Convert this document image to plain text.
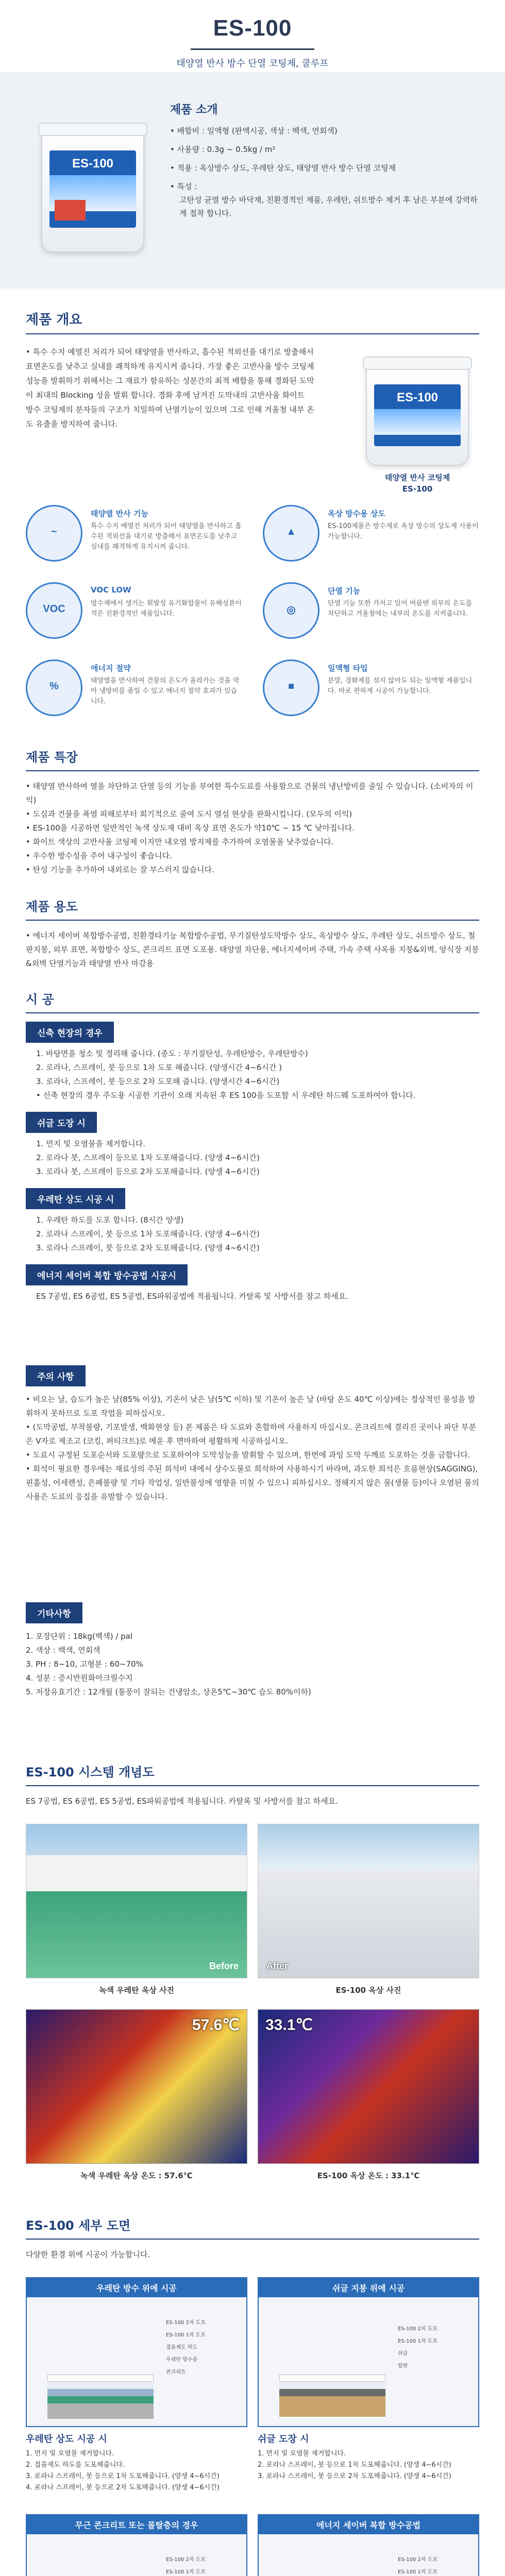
ES-100
태양열 반사 방수 단열 코팅제, 쿨루프
ES-100
제품 소개
• 배합비 : 일액형 (완액시공, 색상 : 백색, 연회색)
• 사용량 : 0.3g ~ 0.5kg / m²
• 적용 : 옥상방수 상도, 우레탄 상도, 태양열 반사 방수 단열 코팅제
• 특성 :
고탄성 균열 방수 바닥재, 친환경적인 제품, 우레탄, 쉬트방수 제거 후 남은 부분에 강력하게 접착 합니다.
제품 개요
• 특수 수지 예열진 처리가 되어 태양열을 반사하고, 흡수된 적외선을 대기로 방출해서 표면온도를 낮추고 실내를 쾌적하게 유지시켜 줍니다. 가장 좋은 고반사율 방수 코팅제 성능을 발휘하기 위해서는 그 재료가 함유하는 성분간의 최적 배합을 통해 경화된 도막이 최대의 Blocking 성을 발휘 합니다. 경화 후에 남겨진 도막내의 고반사율 화이트 방수 코팅제의 분자들의 구조가 치밀하여 난열기능이 있으며 그로 인해 겨울철 내부 온도 유출을 방지하여 줍니다.
ES-100
태양열 반사 코팅제
ES-100
~
태양열 반사 기능
특수 수지 예열진 처리가 되어 태양열을 반사하고 흡수된 적외선을 대기로 방출해서 표면온도를 낮추고 실내를 쾌적하게 유지시켜 줍니다.
▲
옥상 방수용 상도
ES-100제품은 방수제로 옥상 방수의 상도제 사용이 가능합니다.
VOC
VOC LOW
방수제에서 생기는 휘발성 유기화합물이 유해성분이 적은 친환경적인 제품입니다.	◎
단열 기능
단열 기능 또한 가지고 있어 여름엔 외부의 온도를 차단하고 겨울철에는 내부의 온도를 지켜줍니다.
%
에너지 절약
태양열을 반사하여 건물의 온도가 올라가는 것을 막아 냉방비를 줄일 수 있고 에너지 절약 효과가 있습니다.
■
일액형 타입
분말, 경화제를 섞지 않아도 되는 일액형 제품입니다. 바로 편하게 시공이 가능합니다.
제품 특장
• 태양열 반사하여 열을 차단하고 단열 등의 기능을 부여한 특수도료를 사용함으로 건물의 냉난방비를 줄일 수 있습니다. (소비자의 이익)
• 도심과 건물을 폭염 피해로부터 회기적으로 줄여 도시 열섬 현상을 완화시킵니다. (모두의 이익)
• ES-100을 시공하면 일반적인 녹색 상도재 대비 옥상 표면 온도가 약10℃ ~ 15 ℃ 낮아집니다.
• 화이트 색상의 고반사율 코팅제 이지만 내오염 방지제를 추가하여 오염물을 낮추었습니다.
• 우수한 방수성을 주어 내구성이 좋습니다.
• 탄성 기능을 추가하여 내외로는 잘 부스러지 않습니다.
제품 용도
• 에너지 세이버 복합방수공법, 친환경타기능 복합방수공법, 무기질탄성도막방수 상도, 옥상방수 상도, 우레탄 상도, 쉬트방수 상도, 철판지붕, 외부 표면, 복합방수 상도, 콘크리트 표면 도포용. 태양열 차단용, 에너지세이버 주택, 가속 주택 사옥용 지붕&외벽, 양식장 지붕&외벽 단열기능과 태양열 반사 마감용
시 공
신축 현장의 경우
1. 바탕면을 청소 및 정리해 줍니다. (종도 : 무기질탄성, 우레탄방수, 우레탄방수)
2. 로라나, 스프레이, 붓 등으로 1차 도포 해줍니다. (양생시간 4~6시간 )
3. 로라나, 스프레이, 붓 등으로 2차 도포해 줍니다. (양생시간 4~6시간)
• 신축 현장의 경우 주도용 시공한 기관이 오래 지속된 후 ES 100을 도포할 시 우레탄 하드웨 도포하여야 합니다.
쉬글 도장 시
1. 먼지 및 오염물을 제거합니다.
2. 로라나 붓, 스프레이 등으로 1차 도포해줍니다. (양생 4~6시간)
3. 로라나 붓, 스프레이 등으로 2차 도포해줍니다. (양생 4~6시간)
우레탄 상도 시공 시
1. 우레탄 하도를 도포 합니다. (8시간 양생)
2. 로라나 스프레이, 붓 등으로 1차 도포해줍니다. (양생 4~6시간)
3. 로라나 스프레이, 붓 등으로 2차 도포해줍니다. (양생 4~6시간)
에너지 세이버 복합 방수공법 시공시
ES 7공법, ES 6공법, ES 5공법, ES파워공법에 적용됩니다. 카탈록 및 사방서를 참고 하세요.
주의 사항
• 비오는 날, 습도가 높은 날(85% 이상), 기온이 낮은 날(5℃ 이하) 및 기온이 높은 날 (바탕 온도 40℃ 이상)에는 정상적인 물성을 발휘하지 못하므로 도포 작업을 피하십시오.
• (도막공법, 부착불량, 기포발생, 백화현상 등) 본 제품은 타 도료와 혼합하여 사용하지 마십시오. 콘크리트에 결리진 곳이나 파단 부분은 V자로 제조고 (코킹, 퍼티크트)로 메운 후 면마하여 평활하게 시공하십시오.
• 도료시 규정된 도포순서와 도포량으로 도포하여야 도막성능을 발휘할 수 있으며, 한번에 과잉 도막 두께로 도포하는 것을 금합니다.
• 회석이 필요한 경우에는 재료성의 주된 희석비 내에서 상수도물로 희석하여 사용하시기 바라며, 과도한 희석은 흐름현상(SAGGING), 핀홀성, 어세렌성, 은폐불량 및 기타 작업성, 일반불성에 영향을 미칠 수 있으니 피하십시오. 정해지지 않은 물(생물 등)이나 오염된 물의 사용은 도료의 응집을 유발할 수 있습니다.
기타사항
1. 포장단위 : 18kg(백색) / pal
2. 색상 : 백색, 연회색
3. PH : 8~10, 고형분 : 60~70%
4. 성분 : 증시반원화아크릴수지
5. 저장유효기간 : 12개월 (통풍이 잘되는 건냉암소, 상온5℃~30℃ 습도 80%이하)
ES-100 시스템 개념도
ES 7공법, ES 6공법, ES 5공법, ES파워공법에 적용됩니다. 카탈록 및 사방서를 참고 하세요.
Before	After
녹색 우레탄 옥상 사진	ES-100 옥상 사진
57.6℃ 33.1℃
녹색 우레탄 옥상 온도 : 57.6℃	ES-100 옥상 온도 : 33.1℃
ES-100 세부 도면
다양한 환경 위에 시공이 가능합니다.
우레탄 방수 위에 시공
ES-100 2차 도포
ES-100 1차 도포
접을제도 하도
우레탄 방수층
콘크리트
우레탄 상도 시공 시
1. 먼지 및 오염물 제거합니다.
2. 접을제도 하도를 도포해줍니다.
3. 로라나 스프레이, 붓 등으로 1차 도포해줍니다. (양생 4~6시간)
4. 로라나 스프레이, 붓 등으로 2차 도포해줍니다. (양생 4~6시간)
쉬글 지붕 위에 시공
ES-100 2차 도포
ES-100 1차 도포
쉬글
합판
쉬글 도장 시
1. 먼지 및 오염물 제거합니다.
2. 로라나 스프레이, 붓 등으로 1차 도포해줍니다. (양생 4~6시간)
3. 로라나 스프레이, 붓 등으로 2차 도포해줍니다. (양생 4~6시간)
무근 콘크리트 또는 몰탈층의 경우
ES-100 2차 도포
ES-100 1차 도포
에너지 세이버 복합 방수공법
ES-100 2차 도포
ES-100 1차 도포
